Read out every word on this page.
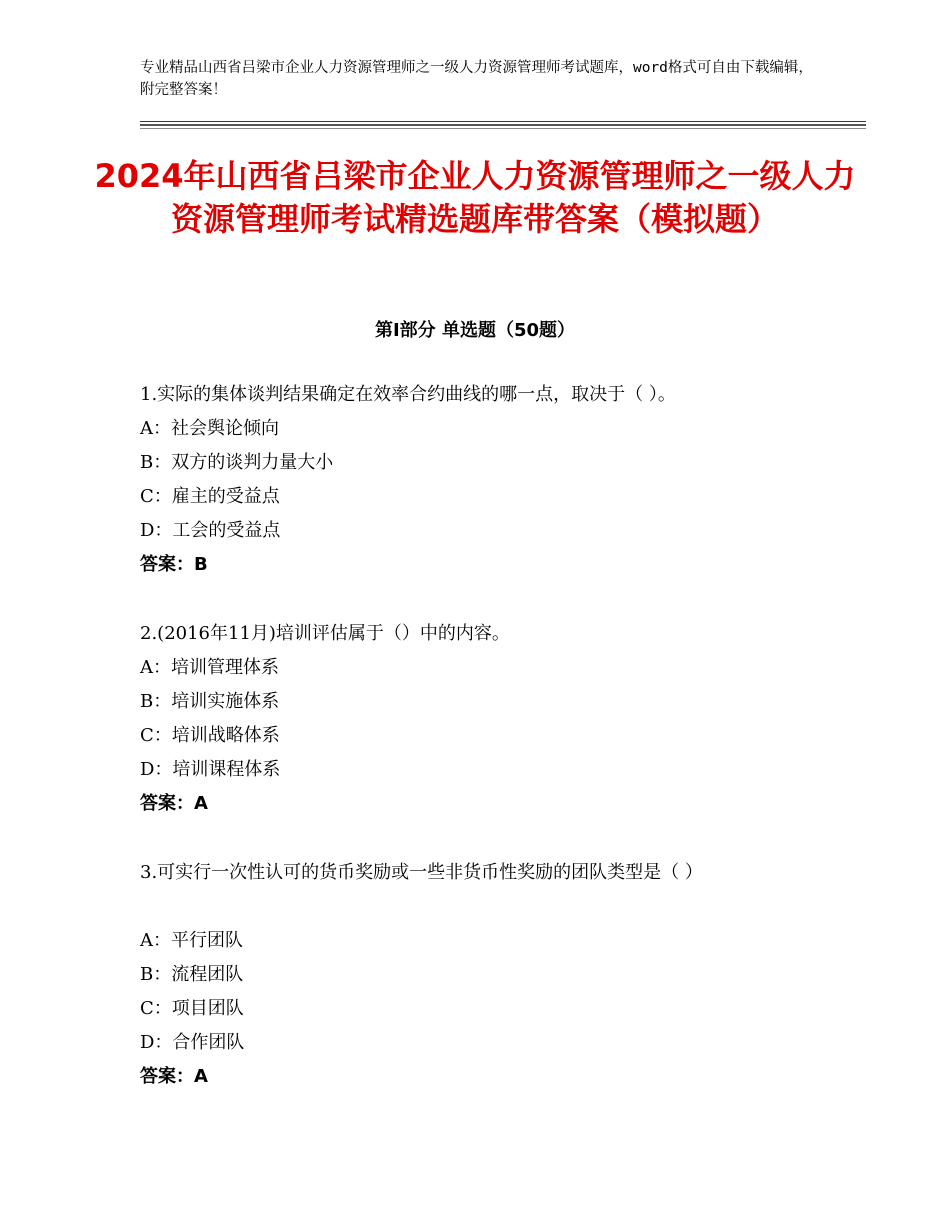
专业精品山西省吕梁市企业人力资源管理师之一级人力资源管理师考试题库，word格式可自由下载编辑，附完整答案！
2024年山西省吕梁市企业人力资源管理师之一级人力资源管理师考试精选题库带答案（模拟题）
第Ⅰ部分 单选题（50题）
1.实际的集体谈判结果确定在效率合约曲线的哪一点，取决于（ ）。
A：社会舆论倾向
B：双方的谈判力量大小
C：雇主的受益点
D：工会的受益点
答案：B
2.(2016年11月)培训评估属于（）中的内容。
A：培训管理体系
B：培训实施体系
C：培训战略体系
D：培训课程体系
答案：A
3.可实行一次性认可的货币奖励或一些非货币性奖励的团队类型是（ ）
A：平行团队
B：流程团队
C：项目团队
D：合作团队
答案：A
